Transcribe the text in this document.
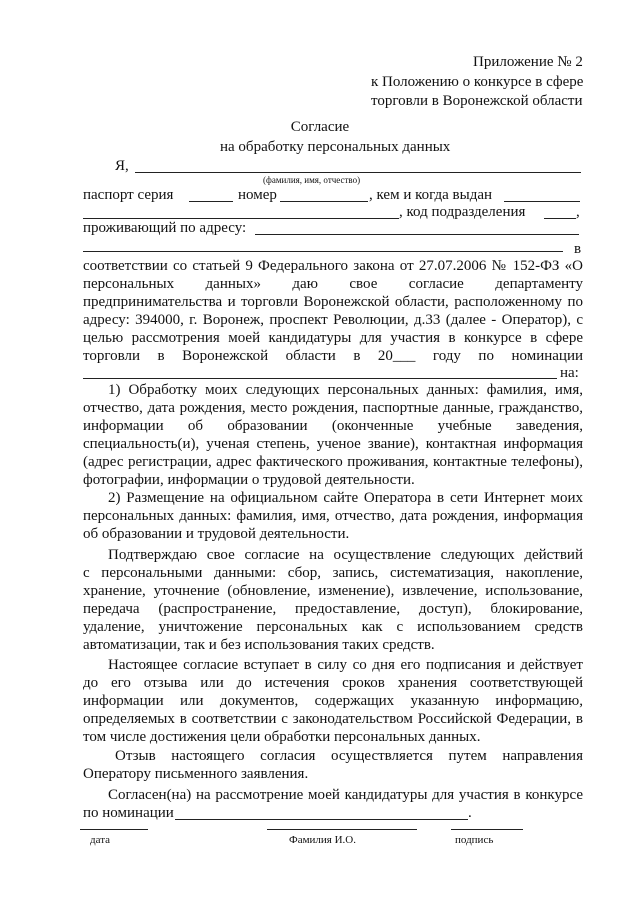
Приложение № 2
к Положению о конкурсе в сфере
торговли в Воронежской области
Согласие
на обработку персональных данных
Я,
(фамилия, имя, отчество)
паспорт серия	номер	, кем и когда выдан
, код подразделения	,
проживающий по адресу:
в
соответствии со статьей 9 Федерального закона от 27.07.2006 № 152-ФЗ «О
персональных данных» даю свое согласие департаменту
предпринимательства и торговли Воронежской области, расположенному по
адресу: 394000, г. Воронеж, проспект Революции, д.33 (далее - Оператор), с
целью рассмотрения моей кандидатуры для участия в конкурсе в сфере
торговли в Воронежской области в 20___ году по номинации
на:
1) Обработку моих следующих персональных данных: фамилия, имя,
отчество, дата рождения, место рождения, паспортные данные, гражданство,
информации об образовании (оконченные учебные заведения,
специальность(и), ученая степень, ученое звание), контактная информация
(адрес регистрации, адрес фактического проживания, контактные телефоны),
фотографии, информации о трудовой деятельности.
2) Размещение на официальном сайте Оператора в сети Интернет моих
персональных данных: фамилия, имя, отчество, дата рождения, информация
об образовании и трудовой деятельности.
Подтверждаю свое согласие на осуществление следующих действий
с персональными данными: сбор, запись, систематизация, накопление,
хранение, уточнение (обновление, изменение), извлечение, использование,
передача (распространение, предоставление, доступ), блокирование,
удаление, уничтожение персональных как с использованием средств
автоматизации, так и без использования таких средств.
Настоящее согласие вступает в силу со дня его подписания и действует
до его отзыва или до истечения сроков хранения соответствующей
информации или документов, содержащих указанную информацию,
определяемых в соответствии с законодательством Российской Федерации, в
том числе достижения цели обработки персональных данных.
Отзыв настоящего согласия осуществляется путем направления
Оператору письменного заявления.
Согласен(на) на рассмотрение моей кандидатуры для участия в конкурсе
по номинации	.
дата	Фамилия И.О.	подпись
